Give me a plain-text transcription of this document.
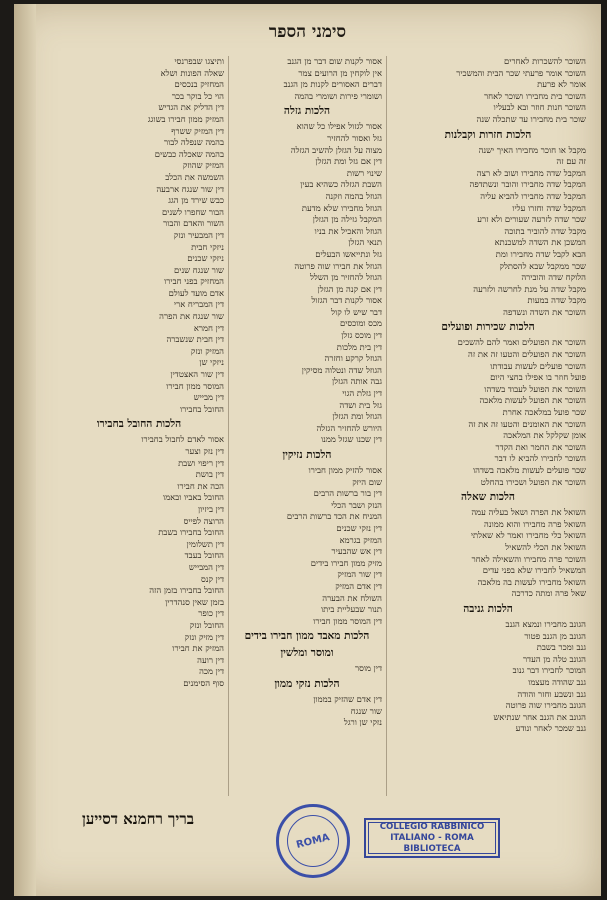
סימני הספר
השוכר להשכרות לאחרים
השוכר אומר פרעתי שכר הבית והמשכיר
אומר לא פרעת
השוכר בית מחבירו ושוכר לאחר
השוכר חנות חוזר ובא לבעליו
שוכר בית מחבירו עד שתכלה שנה
הלכות חזרות וקבלנות
מקבל או חוכר מחבירו האיך ישנה
זה עם זה
המקבל שדה מחבירו ושוב לא רצה
המקבל שדה מחבירו והובר ונשתדפה
המקבל שדה מחבירו להביא עליה
המקבל שדה וחזרו עליו
שכר שדה לזרעה שעורים ולא זרע
מקבל שדה להוביר בתוכה
המשכן את השדה למשכנתא
הבא לקבל שדה מחבירו ומת
שכר ממקבל שבא להסתלק
הלוקח שדה והובירה
מקבל שדה על מנת לחרשה ולזרעה
מקבל שדה במעות
השוכר את השדה ונשדפה
הלכות שכירות ופועלים
השוכר את הפועלים ואמר להם להשכים
השוכר את הפועלים והטעו זה את זה
השוכר פועלים לעשות עבודתו
פועל חוזר בו אפילו בחצי היום
השוכר את הפועל לעבוד בשדהו
השוכר את הפועל לעשות מלאכה
שכר פועל במלאכה אחרת
השוכר את האומנים והטעו זה את זה
אומן שקלקל את המלאכה
השוכר את החמר ואת הקדר
השוכר לחבירו להביא לו דבר
שכר פועלים לעשות מלאכה בשדהו
השוכר את הפועל ושכירו בהחלט
הלכות שאלה
השואל את הפרה ושאל בעליה עמה
השואל פרה מחבירו והוא ממונה
השואל כלי מחבירו ואמר לא שאלתי
השואל את הכלי להשאיל
השוכר פרה מחבירו והשאילה לאחר
המשאיל לחבירו שלא בפני עדים
השואל מחבירו לעשות בה מלאכה
שאל פרה ומתה כדרכה
הלכות גניבה
הגונב מחבירו ונמצא הגנב
הגונב מן הגנב פטור
גנב ומכר בשבת
הגונב טלה מן העדר
המוכר לחבירו דבר גנוב
גנב שהודה מעצמו
גנב ונשבע וחזר והודה
הגונב מחבירו שוה פרוטה
הגונב את הגנב אחר שנתיאש
גנב שמכר לאחר ונודע
אסור לקנות שום דבר מן הגנב
אין לוקחין מן הרועים צמר
דברים האסורים לקנות מן הגנב
ושומרי פירות ושומרי בהמה
הלכות גזלה
אסור לגזול אפילו כל שהוא
גזל ואסור להחזיר
מצוה על הגזלן להשיב הגזלה
דין אם גזל ומת הגזלן
שינוי רשות
השבת הגזלה כשהיא בעין
הגוזל בהמה וזקנה
הגוזל מחבירו שלא מדעת
המקבל גזילה מן הגזלן
הגוזל והאכיל את בניו
תנאי הגזלן
גזל ונתייאשו הבעלים
הגוזל את חבירו שוה פרוטה
הגוזל להחזיר מן השלל
דין אם קנה מן הגזלן
אסור לקנות דבר הגזול
דבר שיש לו קול
מכס ומוכסים
דין מוכס גזלן
דין בית מלכות
הגוזל קרקע וחזרה
הגוזל שדה ונטלוה מסיקין
גבה אותה הגזלן
דין גזלת הגוי
גזל בית ושדה
הגוזל ומת הגזלן
היורש להחזיר הגזלה
דין שכנו שגזל ממנו
הלכות נזיקין
אסור להזיק ממון חבירו
שום היזק
דין בור ברשות הרבים
הנזק ושבר הכלי
המניח את הכד ברשות הרבים
דין נזקי שכנים
המזיק בגרמא
דין אש שהבעיר
מזיק ממון חבירו בידים
דין שור המזיק
דין אדם המזיק
השולח את הבערה
תנור שבעליית ביתו
דין המוסר ממון חבירו
הלכות מאבד ממון חבירו בידים
ומוסר ומלשין
דין מוסר
הלכות נזקי ממון
דין אדם שהזיק בממון
שור שנגח
נזקי שן ורגל
ותיצגו שבפרנסי
שאלה הפונות ושלא
המחזיק בנכסים
הוי כל בוקר בכר
דין הדליק את הגדיש
המזיק ממון חבירו בשוגג
דין המזיק ששרף
בהמה שנפלה לבור
בהמה שאכלה כבשים
המזיק שהוזק
השמשה את הכלב
דין שור שנגח ארבעה
כבש שירד מן הגג
הבור שחפרו לשנים
השור והאדם והבור
דין המבעיר ונזק
ניזקי חבית
ניזקי שכנים
שור שנגח שנים
המחזיק בפני חבירו
אדם מועד לעולם
דין המבריח ארי
שור שנגח את הפרה
דין חמרא
דין חבית שנשברה
המזיק ונזק
ניזקי שן
דין שור האצטדין
המוסר ממון חבירו
דין מבייש
החובל בחבירו
הלכות החובל בחבירו
אסור לאדם לחבול בחבירו
דין נזק וצער
דין ריפוי ושבת
דין בושת
הכה את חבירו
החובל באביו ובאמו
דין ביזיון
הרוצה לפייס
החובל בחבירו בשבת
דין תשלומין
החובל בעבד
דין המבייש
דין קנס
החובל בחבירו בזמן הזה
בזמן שאין סנהדרין
דין כופר
החובל ונזק
דין מזיק ונזק
המזיק את חבירו
דין רועה
דין מכה
סוף הסימנים
בריך רחמנא דסייען
ROMA
COLLEGIO RABBINICO
ITALIANO - ROMA
BIBLIOTECA
